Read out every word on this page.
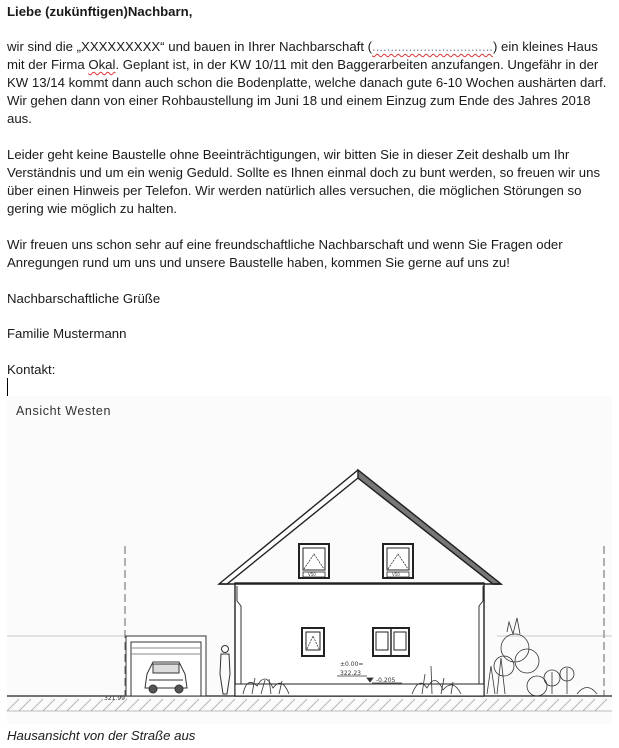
Liebe (zukünftigen)Nachbarn,
wir sind die „XXXXXXXXX“ und bauen in Ihrer Nachbarschaft (.................................) ein kleines Haus mit der Firma Okal. Geplant ist, in der KW 10/11 mit den Baggerarbeiten anzufangen. Ungefähr in der KW 13/14 kommt dann auch schon die Bodenplatte, welche danach gute 6-10 Wochen aushärten darf. Wir gehen dann von einer Rohbaustellung im Juni 18 und einem Einzug zum Ende des Jahres 2018 aus.
Leider geht keine Baustelle ohne Beeinträchtigungen, wir bitten Sie in dieser Zeit deshalb um Ihr Verständnis und um ein wenig Geduld. Sollte es Ihnen einmal doch zu bunt werden, so freuen wir uns über einen Hinweis per Telefon. Wir werden natürlich alles versuchen, die möglichen Störungen so gering wie möglich zu halten.
Wir freuen uns schon sehr auf eine freundschaftliche Nachbarschaft und wenn Sie Fragen oder Anregungen rund um uns und unsere Baustelle haben, kommen Sie gerne auf uns zu!
Nachbarschaftliche Grüße
Familie Mustermann
Kontakt:
Ansicht Westen
321.99
V50	V50
±0.00=
322.23
-0.205
Hausansicht von der Straße aus
